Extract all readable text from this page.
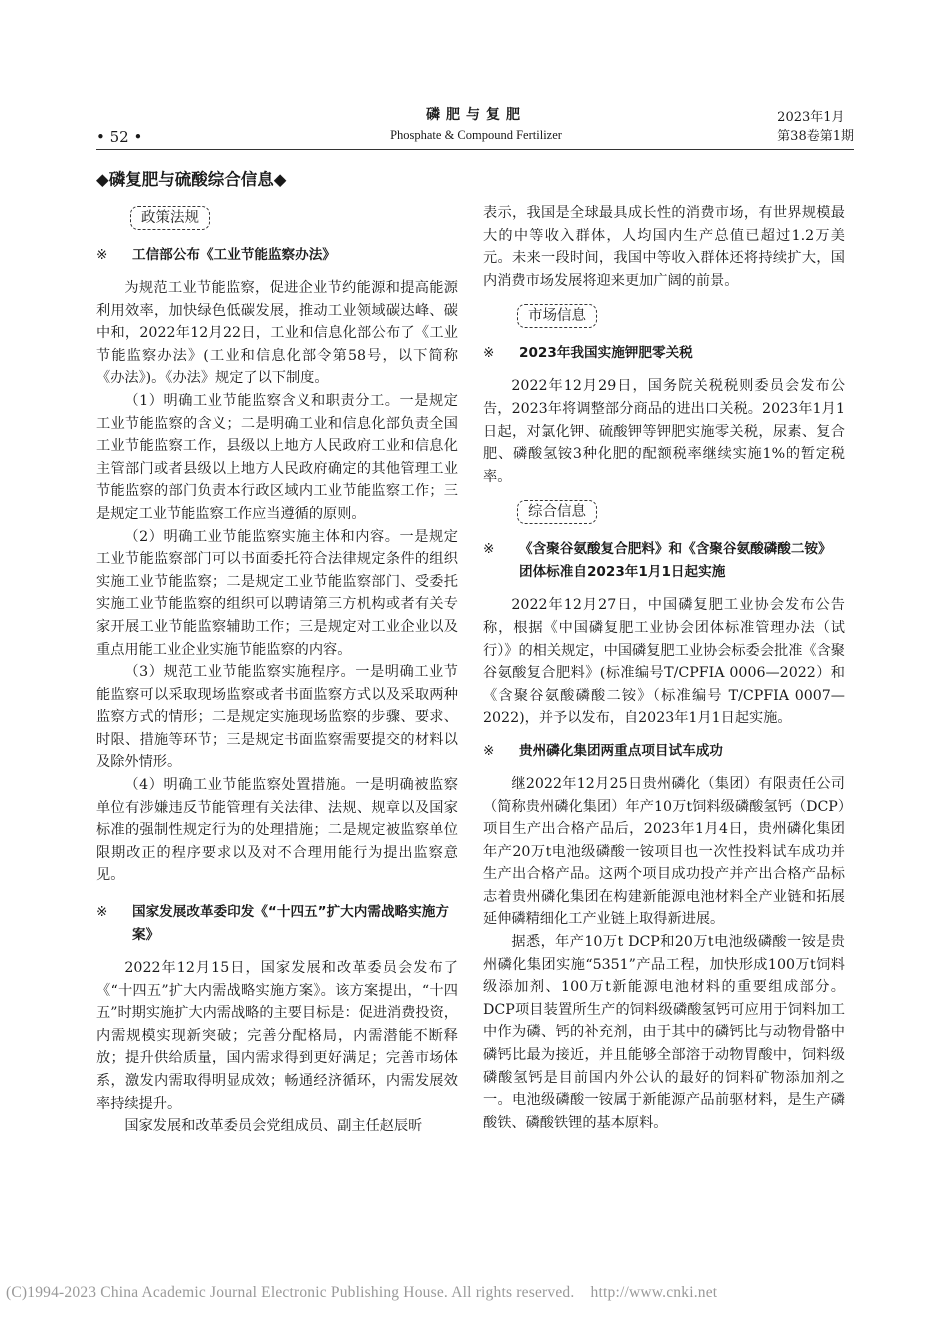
• 52 •
磷肥与复肥
Phosphate & Compound Fertilizer
2023年1月
第38卷第1期
◆磷复肥与硫酸综合信息◆
政策法规
※	工信部公布《工业节能监察办法》

为规范工业节能监察，促进企业节约能源和提高能源利用效率，加快绿色低碳发展，推动工业领域碳达峰、碳中和，2022年12月22日，工业和信息化部公布了《工业节能监察办法》(工业和信息化部令第58号，以下简称《办法》)。《办法》规定了以下制度。

（1）明确工业节能监察含义和职责分工。一是规定工业节能监察的含义；二是明确工业和信息化部负责全国工业节能监察工作，县级以上地方人民政府工业和信息化主管部门或者县级以上地方人民政府确定的其他管理工业节能监察的部门负责本行政区域内工业节能监察工作；三是规定工业节能监察工作应当遵循的原则。

（2）明确工业节能监察实施主体和内容。一是规定工业节能监察部门可以书面委托符合法律规定条件的组织实施工业节能监察；二是规定工业节能监察部门、受委托实施工业节能监察的组织可以聘请第三方机构或者有关专家开展工业节能监察辅助工作；三是规定对工业企业以及重点用能工业企业实施节能监察的内容。

（3）规范工业节能监察实施程序。一是明确工业节能监察可以采取现场监察或者书面监察方式以及采取两种监察方式的情形；二是规定实施现场监察的步骤、要求、时限、措施等环节；三是规定书面监察需要提交的材料以及除外情形。

（4）明确工业节能监察处置措施。一是明确被监察单位有涉嫌违反节能管理有关法律、法规、规章以及国家标准的强制性规定行为的处理措施；二是规定被监察单位限期改正的程序要求以及对不合理用能行为提出监察意见。

※	国家发展改革委印发《“十四五”扩大内需战略实施方案》

2022年12月15日，国家发展和改革委员会发布了《“十四五”扩大内需战略实施方案》。该方案提出，“十四五”时期实施扩大内需战略的主要目标是：促进消费投资，内需规模实现新突破；完善分配格局，内需潜能不断释放；提升供给质量，国内需求得到更好满足；完善市场体系，激发内需取得明显成效；畅通经济循环，内需发展效率持续提升。

国家发展和改革委员会党组成员、副主任赵辰昕

表示，我国是全球最具成长性的消费市场，有世界规模最大的中等收入群体，人均国内生产总值已超过1.2万美元。未来一段时间，我国中等收入群体还将持续扩大，国内消费市场发展将迎来更加广阔的前景。

市场信息
※	2023年我国实施钾肥零关税

2022年12月29日，国务院关税税则委员会发布公告，2023年将调整部分商品的进出口关税。2023年1月1日起，对氯化钾、硫酸钾等钾肥实施零关税，尿素、复合肥、磷酸氢铵3种化肥的配额税率继续实施1%的暂定税率。

综合信息
※	《含聚谷氨酸复合肥料》和《含聚谷氨酸磷酸二铵》团体标准自2023年1月1日起实施

2022年12月27日，中国磷复肥工业协会发布公告称，根据《中国磷复肥工业协会团体标准管理办法（试行）》的相关规定，中国磷复肥工业协会标委会批准《含聚谷氨酸复合肥料》(标准编号T/CPFIA 0006—2022）和《含聚谷氨酸磷酸二铵》（标准编号 T/CPFIA 0007—2022)，并予以发布，自2023年1月1日起实施。

※	贵州磷化集团两重点项目试车成功

继2022年12月25日贵州磷化（集团）有限责任公司（简称贵州磷化集团）年产10万t饲料级磷酸氢钙（DCP）项目生产出合格产品后，2023年1月4日，贵州磷化集团年产20万t电池级磷酸一铵项目也一次性投料试车成功并生产出合格产品。这两个项目成功投产并产出合格产品标志着贵州磷化集团在构建新能源电池材料全产业链和拓展延伸磷精细化工产业链上取得新进展。

据悉，年产10万t DCP和20万t电池级磷酸一铵是贵州磷化集团实施“5351”产品工程，加快形成100万t饲料级添加剂、100万t新能源电池材料的重要组成部分。DCP项目装置所生产的饲料级磷酸氢钙可应用于饲料加工中作为磷、钙的补充剂，由于其中的磷钙比与动物骨骼中磷钙比最为接近，并且能够全部溶于动物胃酸中，饲料级磷酸氢钙是目前国内外公认的最好的饲料矿物添加剂之一。电池级磷酸一铵属于新能源产品前驱材料，是生产磷酸铁、磷酸铁锂的基本原料。

(C)1994-2023 China Academic Journal Electronic Publishing House. All rights reserved. http://www.cnki.net
